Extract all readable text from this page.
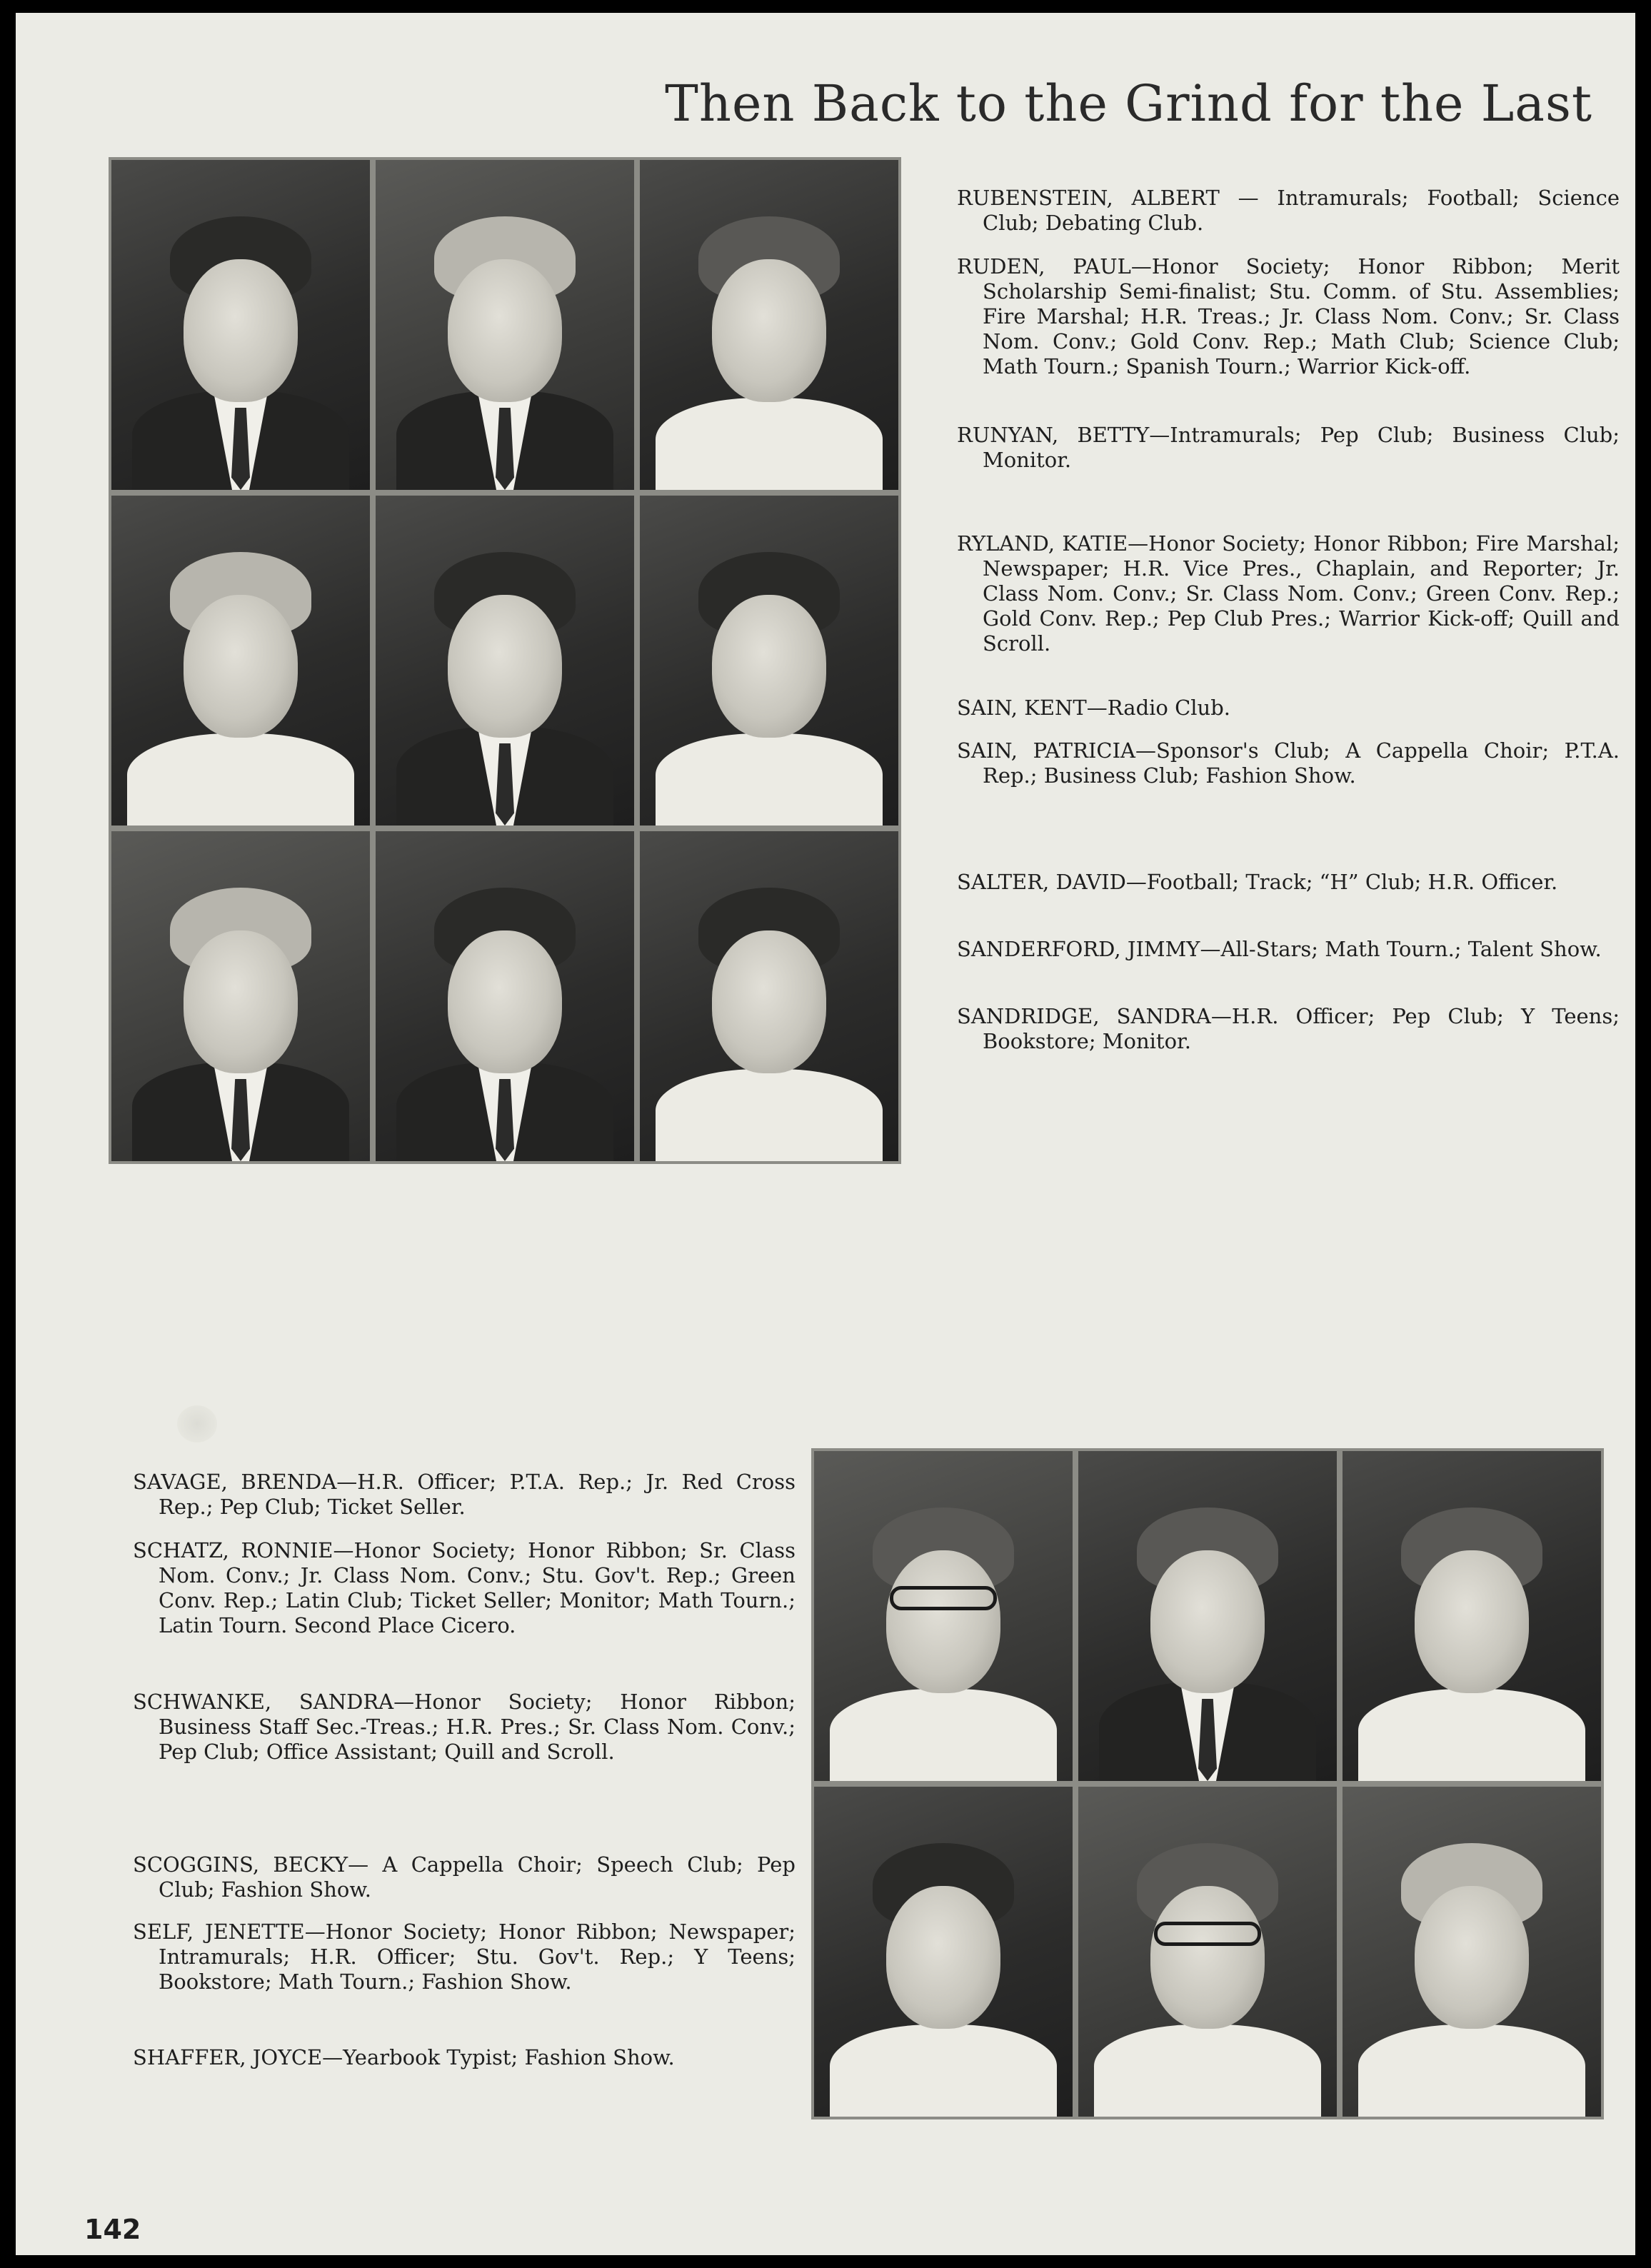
Then Back to the Grind for the Last
RUBENSTEIN, ALBERT — Intramurals; Football; Science Club; Debating Club.
RUDEN, PAUL—Honor Society; Honor Ribbon; Merit Scholarship Semi-finalist; Stu. Comm. of Stu. Assemblies; Fire Marshal; H.R. Treas.; Jr. Class Nom. Conv.; Sr. Class Nom. Conv.; Gold Conv. Rep.; Math Club; Science Club; Math Tourn.; Spanish Tourn.; Warrior Kick-off.
RUNYAN, BETTY—Intramurals; Pep Club; Business Club; Monitor.
RYLAND, KATIE—Honor Society; Honor Ribbon; Fire Marshal; Newspaper; H.R. Vice Pres., Chaplain, and Reporter; Jr. Class Nom. Conv.; Sr. Class Nom. Conv.; Green Conv. Rep.; Gold Conv. Rep.; Pep Club Pres.; Warrior Kick-off; Quill and Scroll.
SAIN, KENT—Radio Club.
SAIN, PATRICIA—Sponsor's Club; A Cappella Choir; P.T.A. Rep.; Business Club; Fashion Show.
SALTER, DAVID—Football; Track; “H” Club; H.R. Officer.
SANDERFORD, JIMMY—All-Stars; Math Tourn.; Talent Show.
SANDRIDGE, SANDRA—H.R. Officer; Pep Club; Y Teens; Bookstore; Monitor.
SAVAGE, BRENDA—H.R. Officer; P.T.A. Rep.; Jr. Red Cross Rep.; Pep Club; Ticket Seller.
SCHATZ, RONNIE—Honor Society; Honor Ribbon; Sr. Class Nom. Conv.; Jr. Class Nom. Conv.; Stu. Gov't. Rep.; Green Conv. Rep.; Latin Club; Ticket Seller; Monitor; Math Tourn.; Latin Tourn. Second Place Cicero.
SCHWANKE, SANDRA—Honor Society; Honor Ribbon; Business Staff Sec.-Treas.; H.R. Pres.; Sr. Class Nom. Conv.; Pep Club; Office Assistant; Quill and Scroll.
SCOGGINS, BECKY— A Cappella Choir; Speech Club; Pep Club; Fashion Show.
SELF, JENETTE—Honor Society; Honor Ribbon; Newspaper; Intramurals; H.R. Officer; Stu. Gov't. Rep.; Y Teens; Bookstore; Math Tourn.; Fashion Show.
SHAFFER, JOYCE—Yearbook Typist; Fashion Show.
142
